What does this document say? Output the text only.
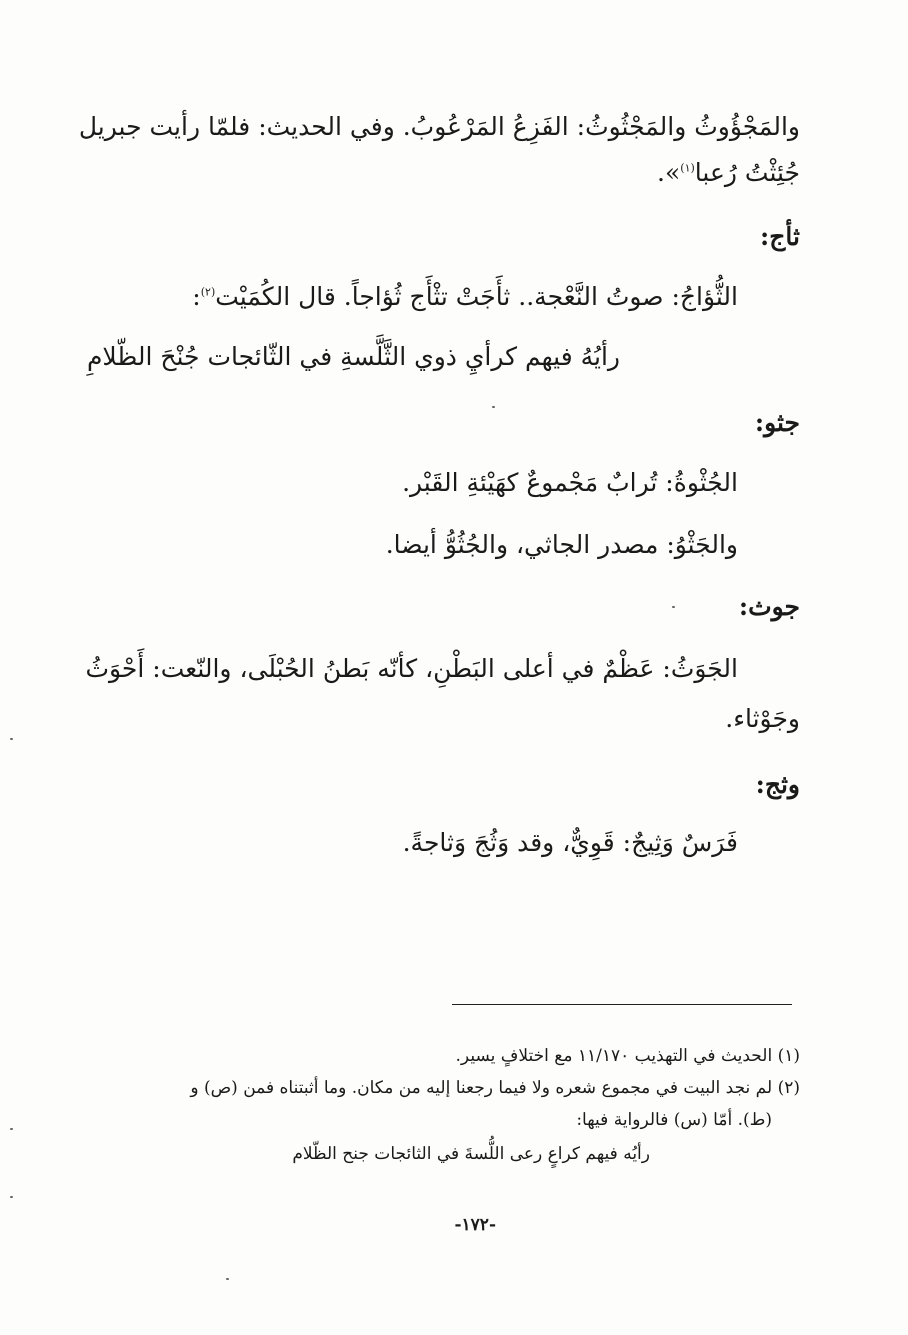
والمَجْؤُوثُ والمَجْثُوثُ: الفَزِعُ المَرْعُوبُ. وفي الحديث: فلمّا رأيت جبريل
جُئِثْتُ رُعبا$^{(١)}$».
ثأج:
الثُّؤاجُ: صوتُ النَّعْجة.. ثأَجَتْ تثْأَج ثُؤاجاً. قال الكُمَيْت$^{(٢)}$:
رأيُهُ فيهم كرأيِ ذوي الثَّلَّسةِ في الثّائجات جُنْحَ الظّلامِ
جثو:
الجُثْوةُ: تُرابٌ مَجْموعٌ كهَيْئةِ القَبْر.
والجَثْوُ: مصدر الجاثي، والجُثُوُّ أيضا.
جوث:
الجَوَثُ: عَظْمٌ في أعلى البَطْنِ، كأنّه بَطنُ الحُبْلَى، والنّعت: أَحْوَثُ
وجَوْثاء.
وثج:
فَرَسٌ وَثِيجٌ: قَوِيٌّ، وقد وَثُجَ وَثاجةً.
(١) الحديث في التهذيب ١١/١٧٠ مع اختلافٍ يسير.
(٢) لم نجد البيت في مجموع شعره ولا فيما رجعنا إليه من مكان. وما أثبتناه فمن (ص) و
(ط). أمّا (س) فالرواية فيها:
رأيُه فيهم كراعٍ رعى اللُّسةَ في الثائجات جنح الظّلام
-١٧٢-
